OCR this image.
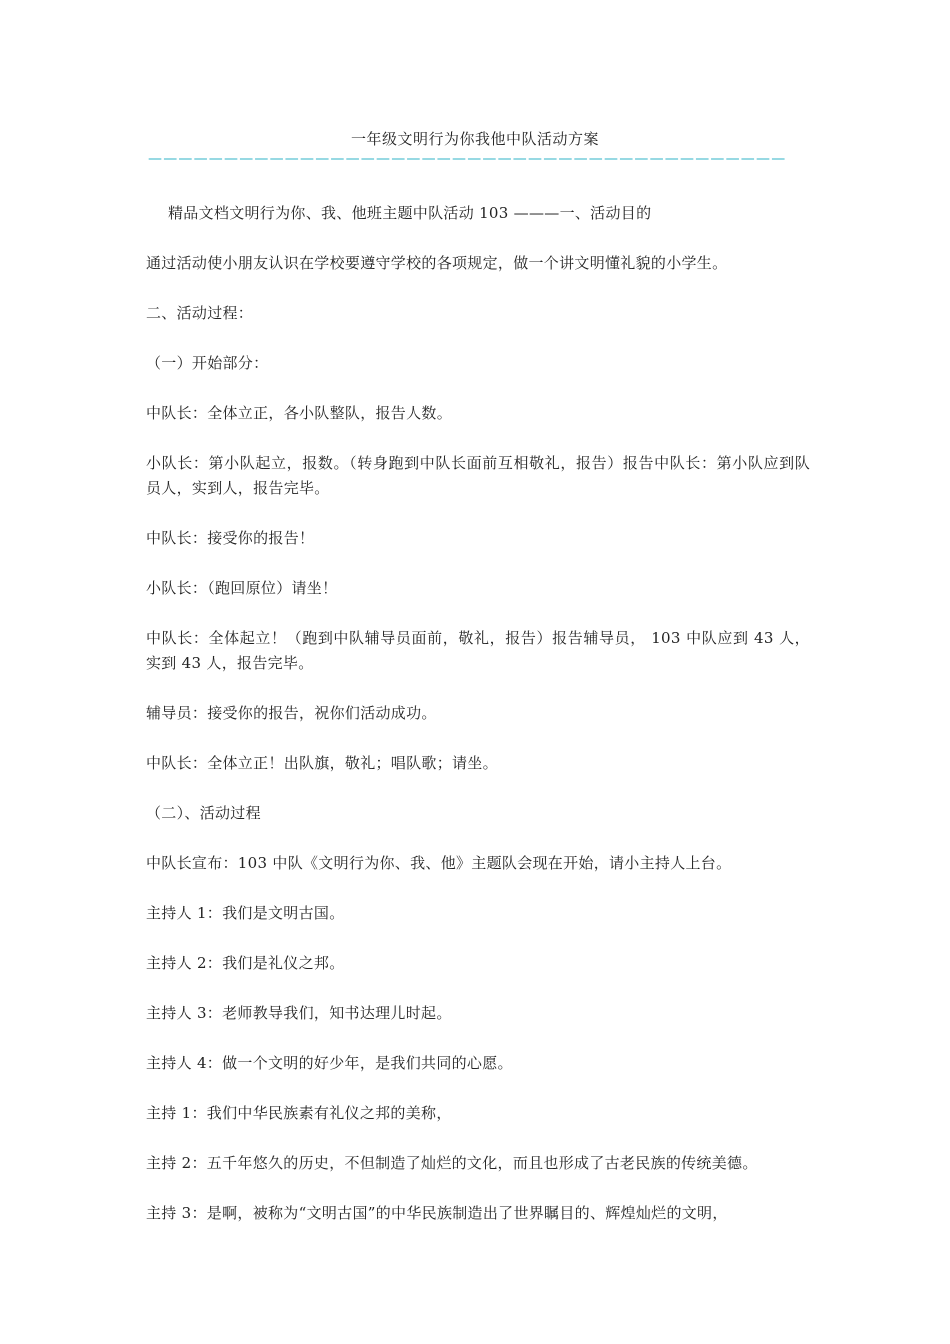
一年级文明行为你我他中队活动方案
——————————————————————————————————————————

精品文档文明行为你、我、他班主题中队活动 103 ———一、活动目的

通过活动使小朋友认识在学校要遵守学校的各项规定，做一个讲文明懂礼貌的小学生。

二、活动过程：

（一）开始部分：

中队长：全体立正，各小队整队，报告人数。

小队长：第小队起立，报数。（转身跑到中队长面前互相敬礼，报告）报告中队长：第小队应到队员人，实到人，报告完毕。

中队长：接受你的报告！

小队长：（跑回原位）请坐！

中队长：全体起立！（跑到中队辅导员面前，敬礼，报告）报告辅导员， 103 中队应到 43 人，实到 43 人，报告完毕。

辅导员：接受你的报告，祝你们活动成功。

中队长：全体立正！出队旗，敬礼；唱队歌；请坐。

（二）、活动过程

中队长宣布：103 中队《文明行为你、我、他》主题队会现在开始，请小主持人上台。

主持人 1：我们是文明古国。

主持人 2：我们是礼仪之邦。

主持人 3：老师教导我们，知书达理儿时起。

主持人 4：做一个文明的好少年，是我们共同的心愿。

主持 1：我们中华民族素有礼仪之邦的美称，

主持 2：五千年悠久的历史，不但制造了灿烂的文化，而且也形成了古老民族的传统美德。

主持 3：是啊，被称为“文明古国”的中华民族制造出了世界瞩目的、辉煌灿烂的文明，
